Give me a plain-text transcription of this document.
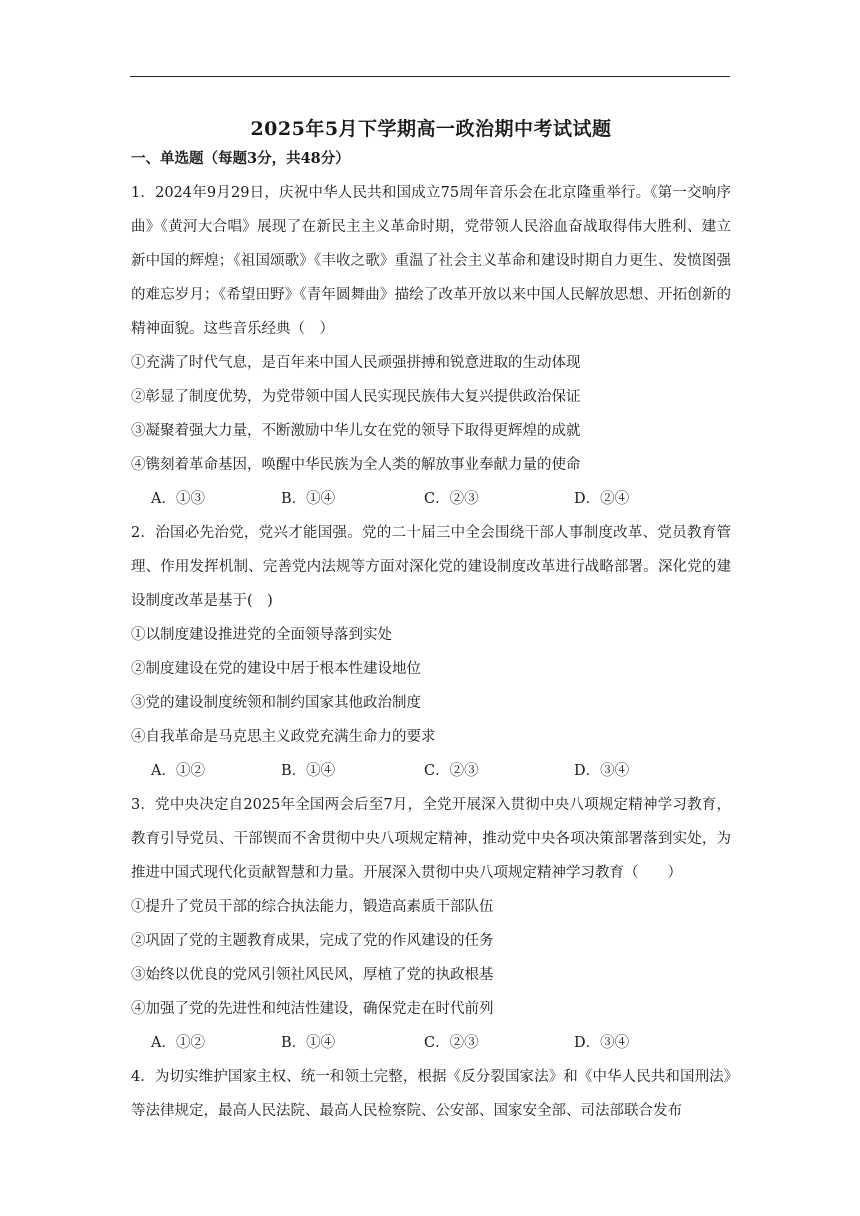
2025年5月下学期高一政治期中考试试题
一、单选题（每题3分，共48分）

1．2024年9月29日，庆祝中华人民共和国成立75周年音乐会在北京隆重举行。《第一交响序曲》《黄河大合唱》展现了在新民主主义革命时期，党带领人民浴血奋战取得伟大胜利、建立新中国的辉煌；《祖国颂歌》《丰收之歌》重温了社会主义革命和建设时期自力更生、发愤图强的难忘岁月；《希望田野》《青年圆舞曲》描绘了改革开放以来中国人民解放思想、开拓创新的精神面貌。这些音乐经典（　）

①充满了时代气息，是百年来中国人民顽强拼搏和锐意进取的生动体现

②彰显了制度优势，为党带领中国人民实现民族伟大复兴提供政治保证

③凝聚着强大力量，不断激励中华儿女在党的领导下取得更辉煌的成就

④镌刻着革命基因，唤醒中华民族为全人类的解放事业奉献力量的使命

A．①③	B．①④	C．②③	D．②④

2．治国必先治党，党兴才能国强。党的二十届三中全会围绕干部人事制度改革、党员教育管理、作用发挥机制、完善党内法规等方面对深化党的建设制度改革进行战略部署。深化党的建设制度改革是基于(　)

①以制度建设推进党的全面领导落到实处

②制度建设在党的建设中居于根本性建设地位

③党的建设制度统领和制约国家其他政治制度

④自我革命是马克思主义政党充满生命力的要求

A．①②	B．①④	C．②③	D．③④

3．党中央决定自2025年全国两会后至7月，全党开展深入贯彻中央八项规定精神学习教育，教育引导党员、干部锲而不舍贯彻中央八项规定精神，推动党中央各项决策部署落到实处，为推进中国式现代化贡献智慧和力量。开展深入贯彻中央八项规定精神学习教育（　　）

①提升了党员干部的综合执法能力，锻造高素质干部队伍

②巩固了党的主题教育成果，完成了党的作风建设的任务

③始终以优良的党风引领社风民风，厚植了党的执政根基

④加强了党的先进性和纯洁性建设，确保党走在时代前列

A．①②	B．①④	C．②③	D．③④

4．为切实维护国家主权、统一和领土完整，根据《反分裂国家法》和《中华人民共和国刑法》等法律规定，最高人民法院、最高人民检察院、公安部、国家安全部、司法部联合发布
